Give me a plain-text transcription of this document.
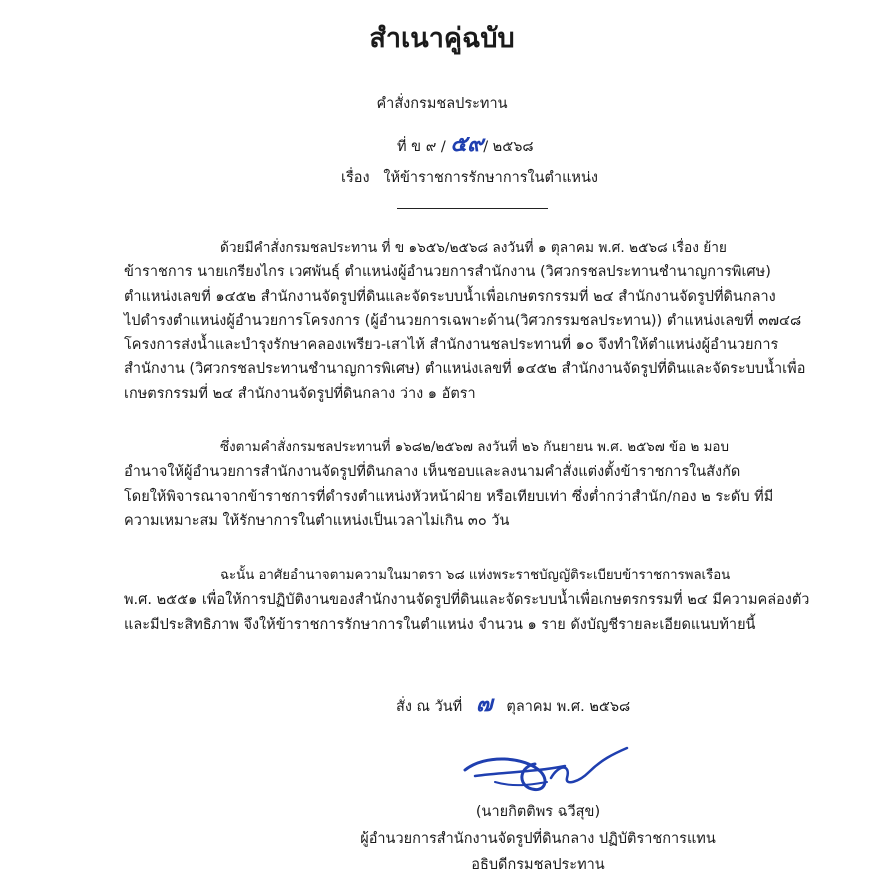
สำเนาคู่ฉบับ
คำสั่งกรมชลประทาน
ที่ ข ๙ / ๕๙/ ๒๕๖๘
เรื่อง ให้ข้าราชการรักษาการในตำแหน่ง
ด้วยมีคำสั่งกรมชลประทาน ที่ ข ๑๖๕๖/๒๕๖๘ ลงวันที่ ๑ ตุลาคม พ.ศ. ๒๕๖๘ เรื่อง ย้าย
ข้าราชการ นายเกรียงไกร เวศพันธุ์ ตำแหน่งผู้อำนวยการสำนักงาน (วิศวกรชลประทานชำนาญการพิเศษ)
ตำแหน่งเลขที่ ๑๔๕๒ สำนักงานจัดรูปที่ดินและจัดระบบน้ำเพื่อเกษตรกรรมที่ ๒๔ สำนักงานจัดรูปที่ดินกลาง
ไปดำรงตำแหน่งผู้อำนวยการโครงการ (ผู้อำนวยการเฉพาะด้าน(วิศวกรรมชลประทาน)) ตำแหน่งเลขที่ ๓๗๔๘
โครงการส่งน้ำและบำรุงรักษาคลองเพรียว-เสาไห้ สำนักงานชลประทานที่ ๑๐ จึงทำให้ตำแหน่งผู้อำนวยการ
สำนักงาน (วิศวกรชลประทานชำนาญการพิเศษ) ตำแหน่งเลขที่ ๑๔๕๒ สำนักงานจัดรูปที่ดินและจัดระบบน้ำเพื่อ
เกษตรกรรมที่ ๒๔ สำนักงานจัดรูปที่ดินกลาง ว่าง ๑ อัตรา
ซึ่งตามคำสั่งกรมชลประทานที่ ๑๖๘๒/๒๕๖๗ ลงวันที่ ๒๖ กันยายน พ.ศ. ๒๕๖๗ ข้อ ๒ มอบ
อำนาจให้ผู้อำนวยการสำนักงานจัดรูปที่ดินกลาง เห็นชอบและลงนามคำสั่งแต่งตั้งข้าราชการในสังกัด
โดยให้พิจารณาจากข้าราชการที่ดำรงตำแหน่งหัวหน้าฝ่าย หรือเทียบเท่า ซึ่งต่ำกว่าสำนัก/กอง ๒ ระดับ ที่มี
ความเหมาะสม ให้รักษาการในตำแหน่งเป็นเวลาไม่เกิน ๓๐ วัน
ฉะนั้น อาศัยอำนาจตามความในมาตรา ๖๘ แห่งพระราชบัญญัติระเบียบข้าราชการพลเรือน
พ.ศ. ๒๕๕๑ เพื่อให้การปฏิบัติงานของสำนักงานจัดรูปที่ดินและจัดระบบน้ำเพื่อเกษตรกรรมที่ ๒๔ มีความคล่องตัว
และมีประสิทธิภาพ จึงให้ข้าราชการรักษาการในตำแหน่ง จำนวน ๑ ราย ดังบัญชีรายละเอียดแนบท้ายนี้
สั่ง ณ วันที่ ๗ ตุลาคม พ.ศ. ๒๕๖๘
(นายกิตติพร ฉวีสุข)
ผู้อำนวยการสำนักงานจัดรูปที่ดินกลาง ปฏิบัติราชการแทน
อธิบดีกรมชลประทาน
